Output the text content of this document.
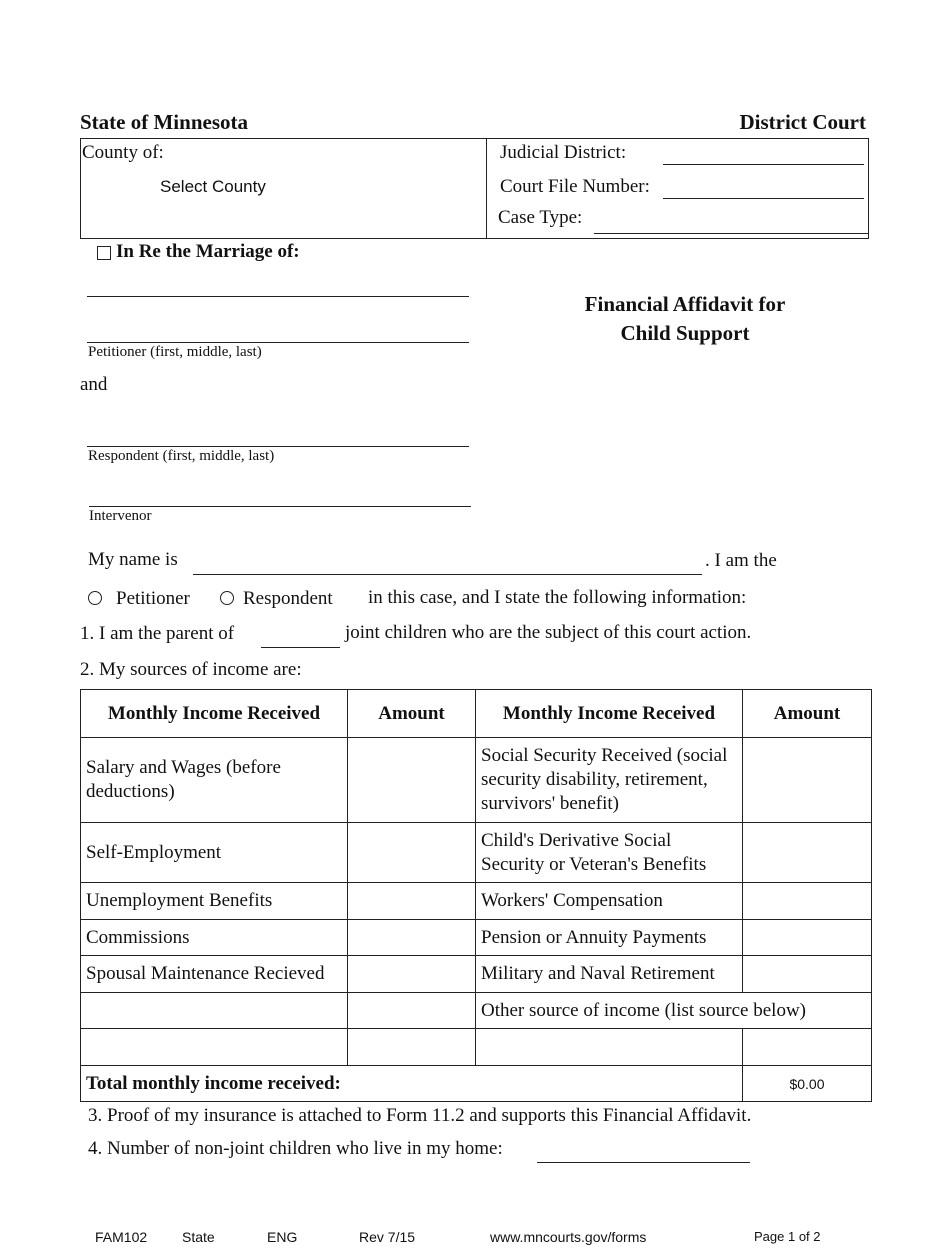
State of Minnesota	District Court
County of:
Select County
Judicial District:
Court File Number:
Case Type:
In Re the Marriage of:
Petitioner (first, middle, last)
and
Respondent (first, middle, last)
Intervenor
Financial Affidavit for
Child Support
My name is	. I am the
Petitioner	Respondent in this case, and I state the following information:
1. I am the parent of	joint children who are the subject of this court action.
2. My sources of income are:
Monthly Income Received	Amount	Monthly Income Received	Amount
Salary and Wages (before deductions)		Social Security Received (social security disability, retirement, survivors' benefit)	
Self-Employment		Child's Derivative Social Security or Veteran's Benefits	
Unemployment Benefits		Workers' Compensation	
Commissions		Pension or Annuity Payments	
Spousal Maintenance Recieved		Military and Naval Retirement	
		Other source of income (list source below)	

Total monthly income received:			$0.00
3. Proof of my insurance is attached to Form 11.2 and supports this Financial Affidavit.
4. Number of non-joint children who live in my home:
FAM102 State	ENG	Rev 7/15	www.mncourts.gov/forms	Page 1 of 2
